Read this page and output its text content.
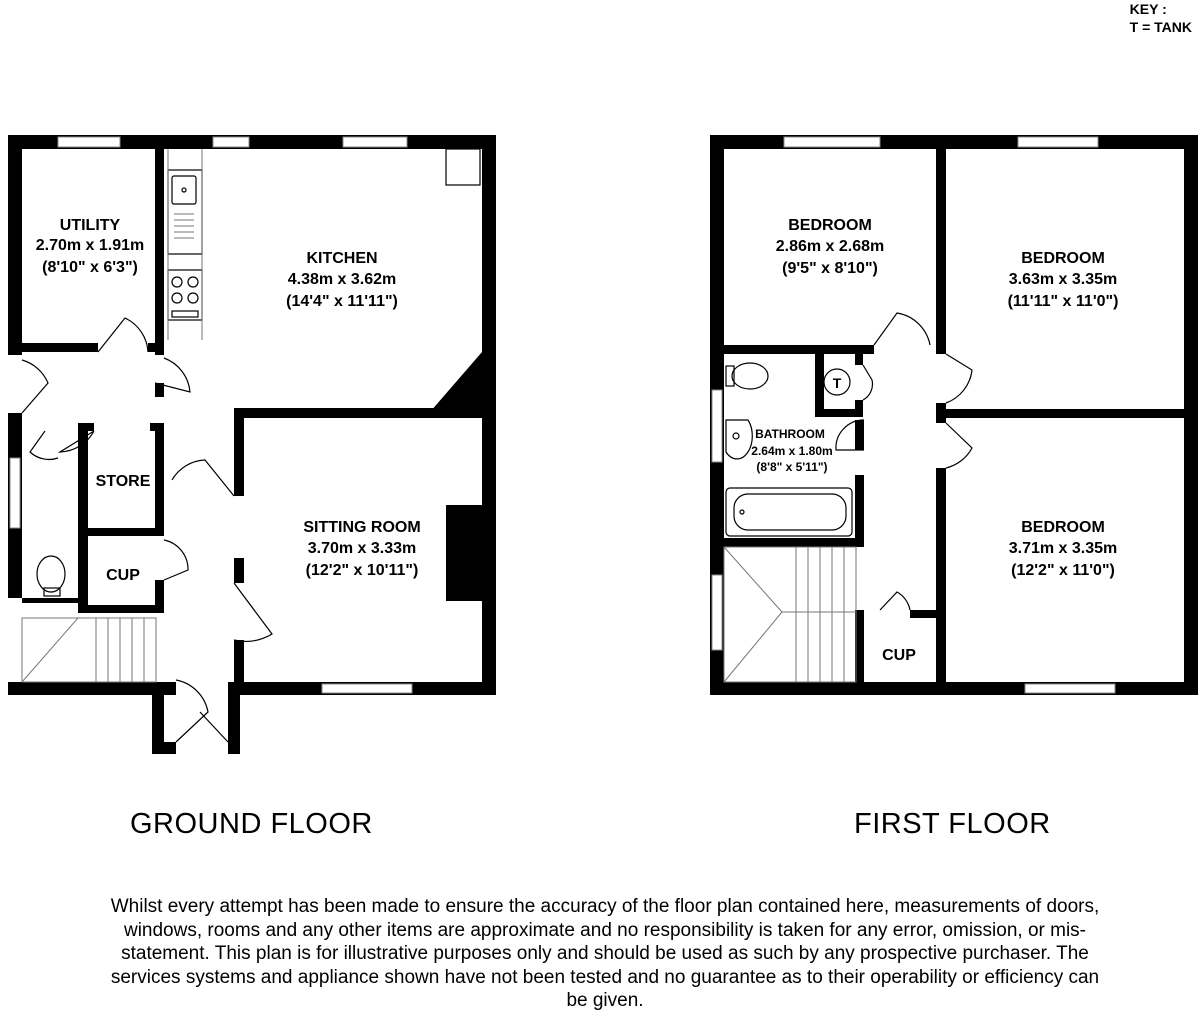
KEY :
T = TANK
UTILITY
2.70m x 1.91m
(8'10" x 6'3")
KITCHEN
4.38m x 3.62m
(14'4" x 11'11")
SITTING ROOM
3.70m x 3.33m
(12'2" x 10'11")
STORE
CUP
BEDROOM
2.86m x 2.68m
(9'5" x 8'10")
BEDROOM
3.63m x 3.35m
(11'11" x 11'0")
BEDROOM
3.71m x 3.35m
(12'2" x 11'0")
BATHROOM
2.64m x 1.80m
(8'8" x 5'11")
CUP
T
GROUND FLOOR	FIRST FLOOR
Whilst every attempt has been made to ensure the accuracy of the floor plan contained here, measurements of doors, windows, rooms and any other items are approximate and no responsibility is taken for any error, omission, or mis-statement. This plan is for illustrative purposes only and should be used as such by any prospective purchaser. The services systems and appliance shown have not been tested and no guarantee as to their operability or efficiency can be given.
